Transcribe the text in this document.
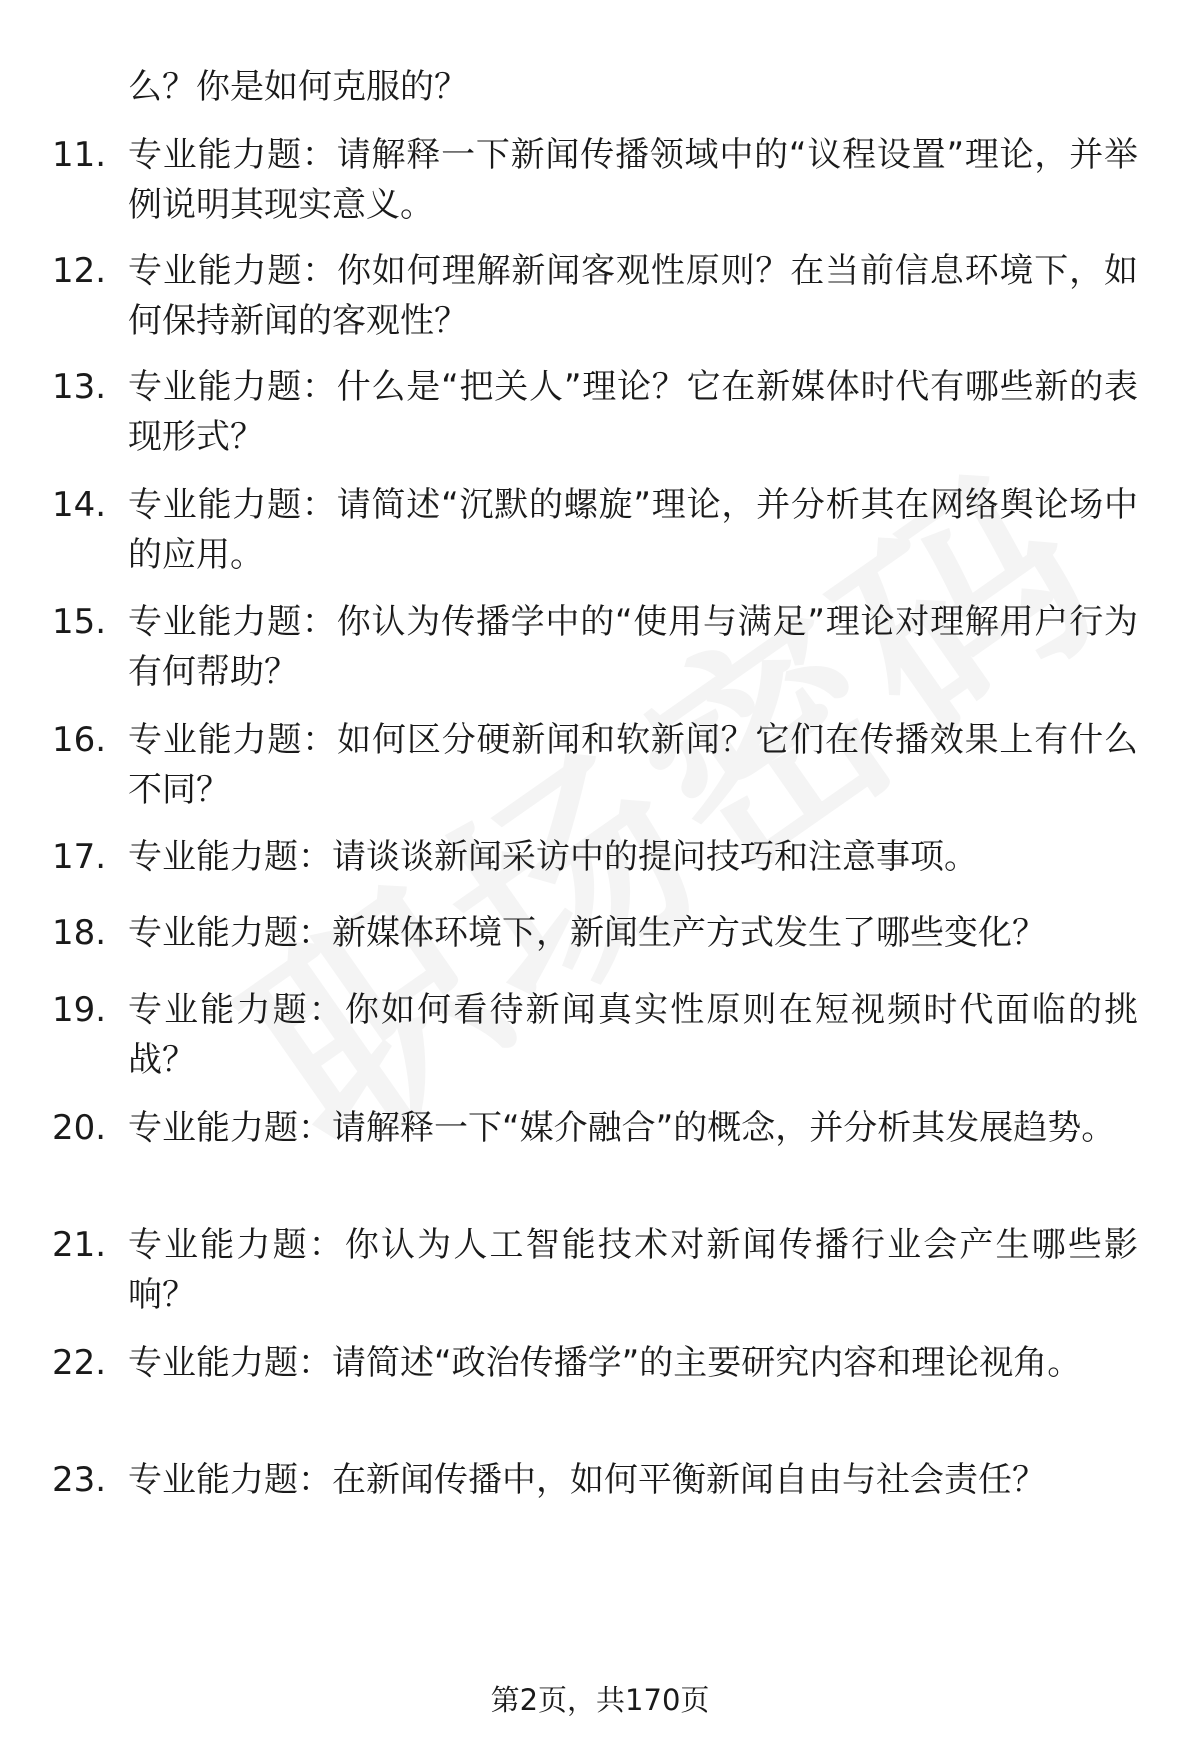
么？你是如何克服的？
11. 专业能力题：请解释一下新闻传播领域中的“议程设置”理论，并举例说明其现实意义。
12. 专业能力题：你如何理解新闻客观性原则？在当前信息环境下，如何保持新闻的客观性？
13. 专业能力题：什么是“把关人”理论？它在新媒体时代有哪些新的表现形式？
14. 专业能力题：请简述“沉默的螺旋”理论，并分析其在网络舆论场中的应用。
15. 专业能力题：你认为传播学中的“使用与满足”理论对理解用户行为有何帮助？
16. 专业能力题：如何区分硬新闻和软新闻？它们在传播效果上有什么不同？
17. 专业能力题：请谈谈新闻采访中的提问技巧和注意事项。
18. 专业能力题：新媒体环境下，新闻生产方式发生了哪些变化？
19. 专业能力题：你如何看待新闻真实性原则在短视频时代面临的挑战？
20. 专业能力题：请解释一下“媒介融合”的概念，并分析其发展趋势。
21. 专业能力题：你认为人工智能技术对新闻传播行业会产生哪些影响？
22. 专业能力题：请简述“政治传播学”的主要研究内容和理论视角。
23. 专业能力题：在新闻传播中，如何平衡新闻自由与社会责任？
第2页，共170页
